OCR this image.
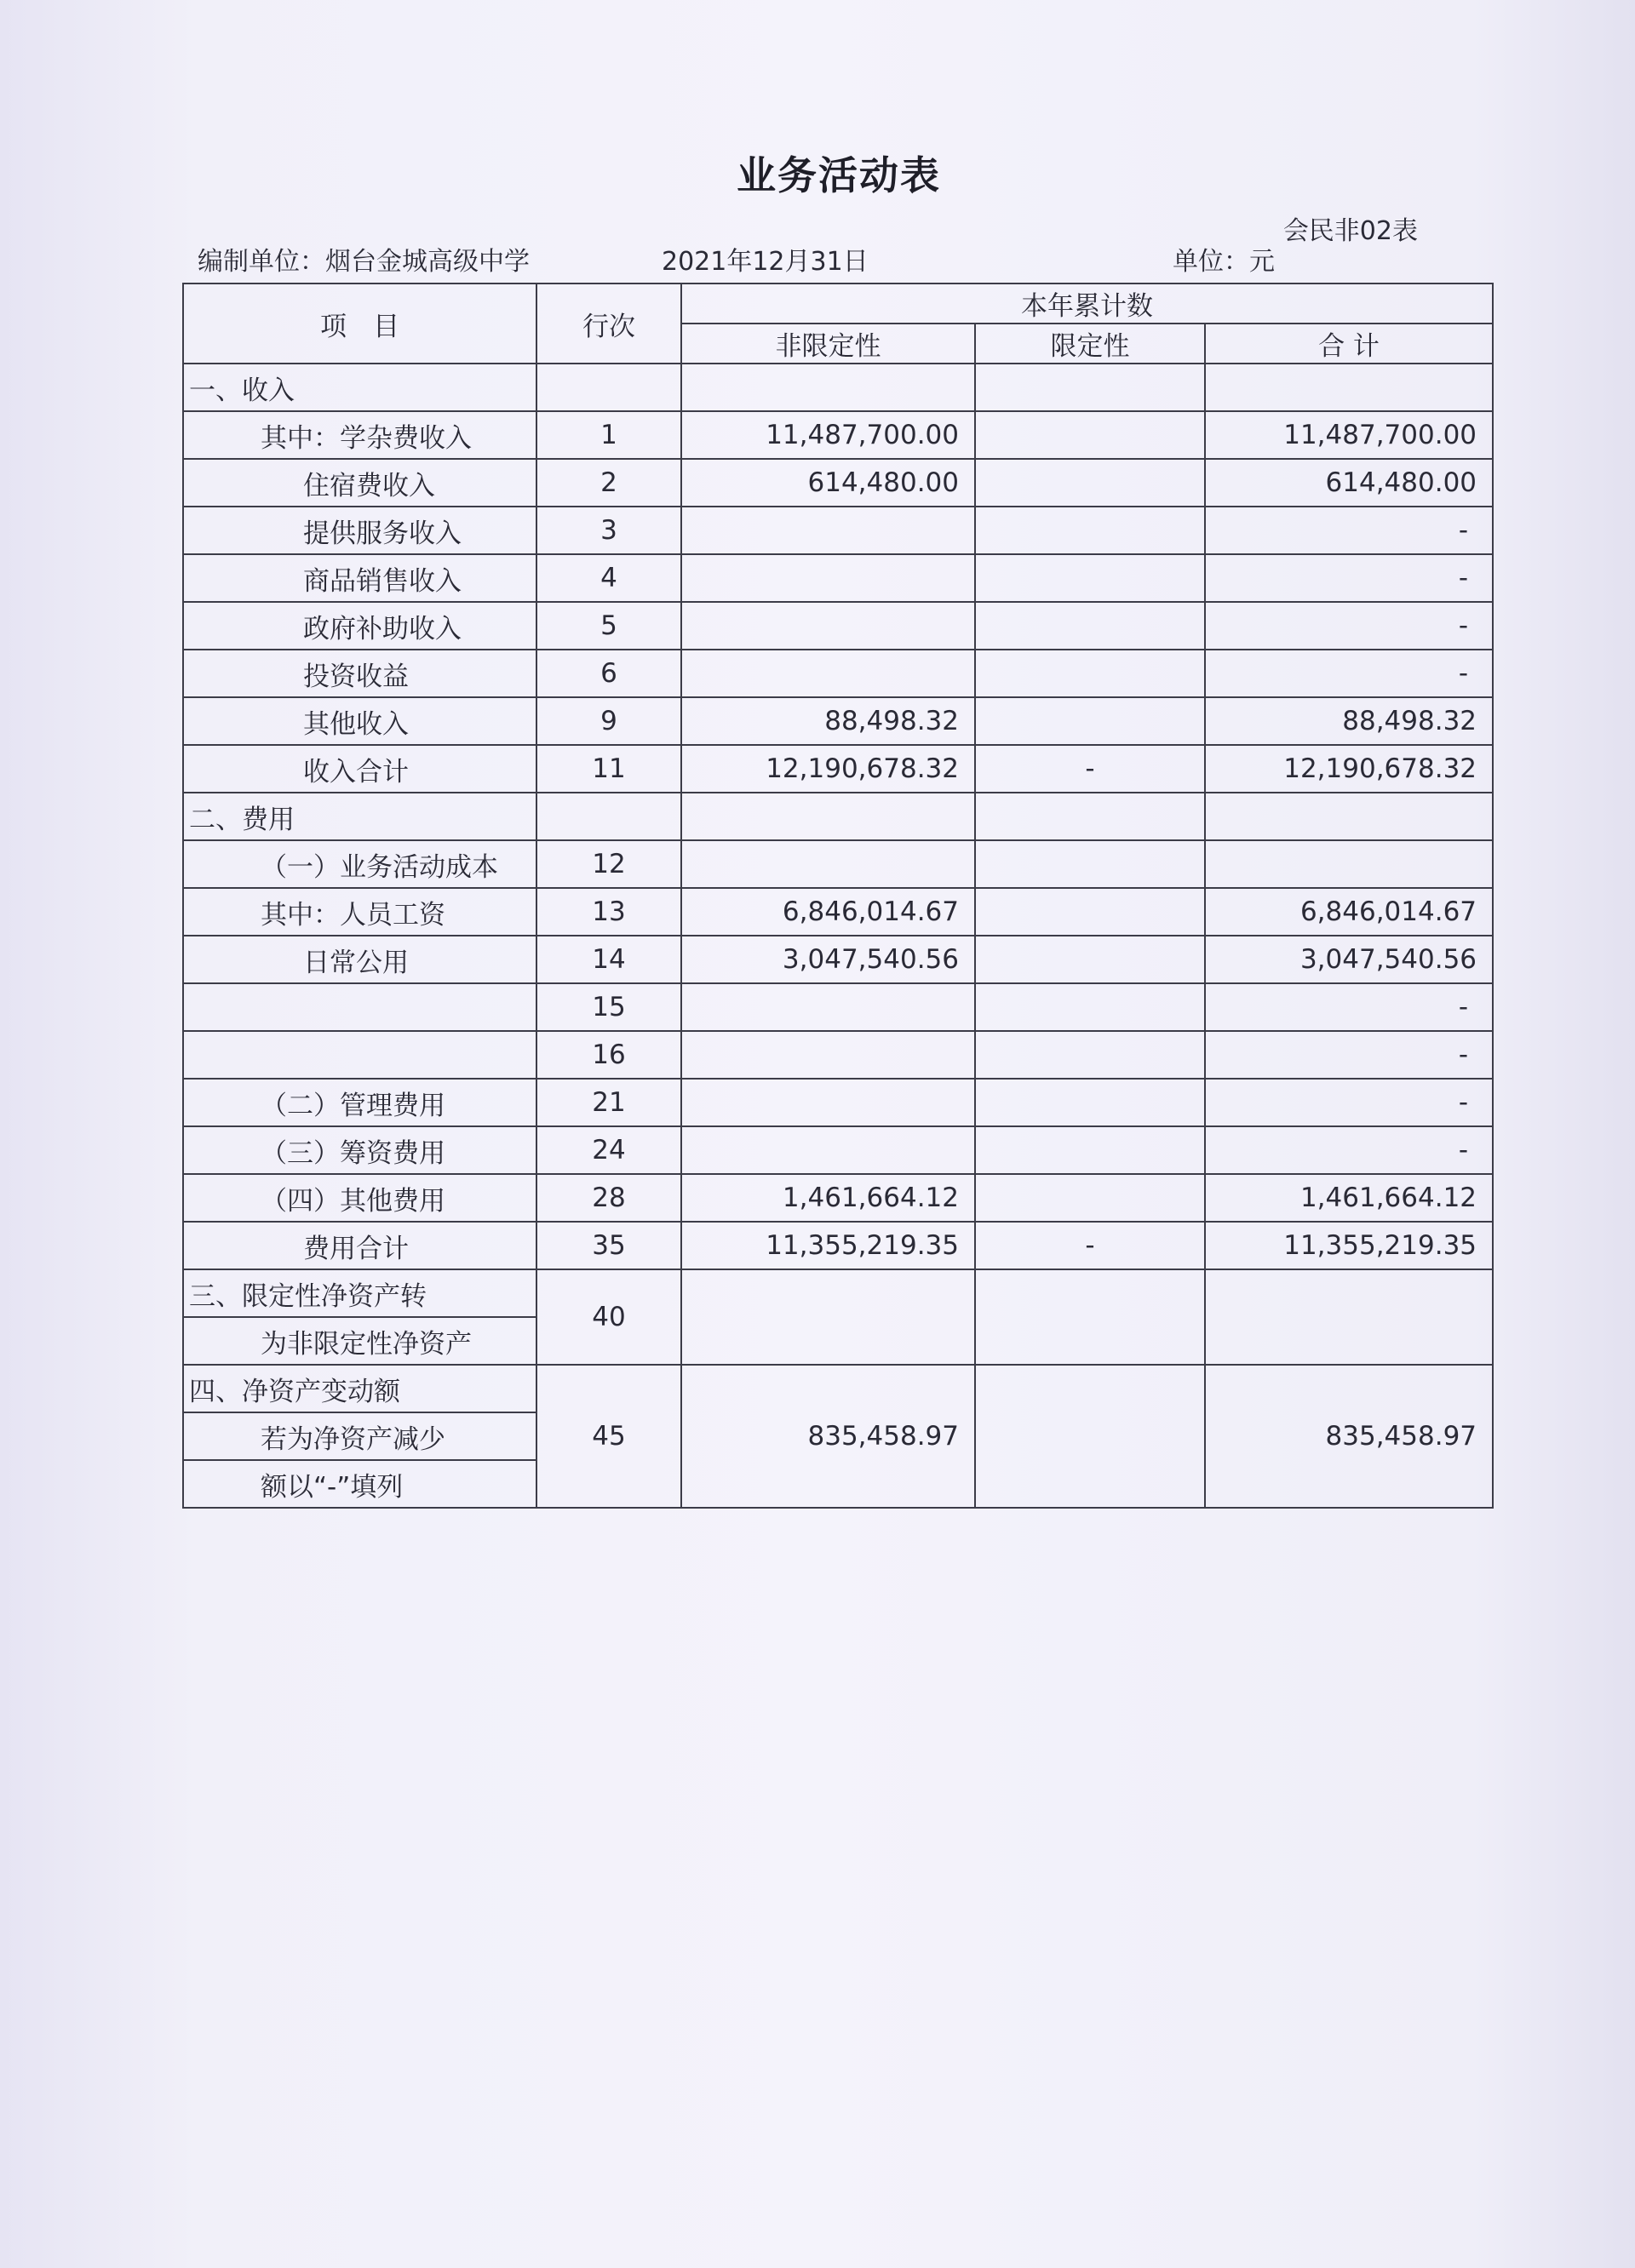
业务活动表
会民非02表
编制单位：烟台金城高级中学	2021年12月31日	单位：元
项　目	行次	本年累计数		
		非限定性	限定性	合 计
一、收入				
其中：学杂费收入	1	11,487,700.00		11,487,700.00
住宿费收入	2	614,480.00		614,480.00
提供服务收入	3			-
商品销售收入	4			-
政府补助收入	5			-
投资收益	6			-
其他收入	9	88,498.32		88,498.32
收入合计	11	12,190,678.32	-	12,190,678.32
二、费用				
（一）业务活动成本	12			
其中：人员工资	13	6,846,014.67		6,846,014.67
日常公用	14	3,047,540.56		3,047,540.56
	15			-
	16			-
（二）管理费用	21			-
（三）筹资费用	24			-
（四）其他费用	28	1,461,664.12		1,461,664.12
费用合计	35	11,355,219.35	-	11,355,219.35
三、限定性净资产转	40			
为非限定性净资产				
四、净资产变动额	45	835,458.97		835,458.97
若为净资产减少				
额以“-”填列				
